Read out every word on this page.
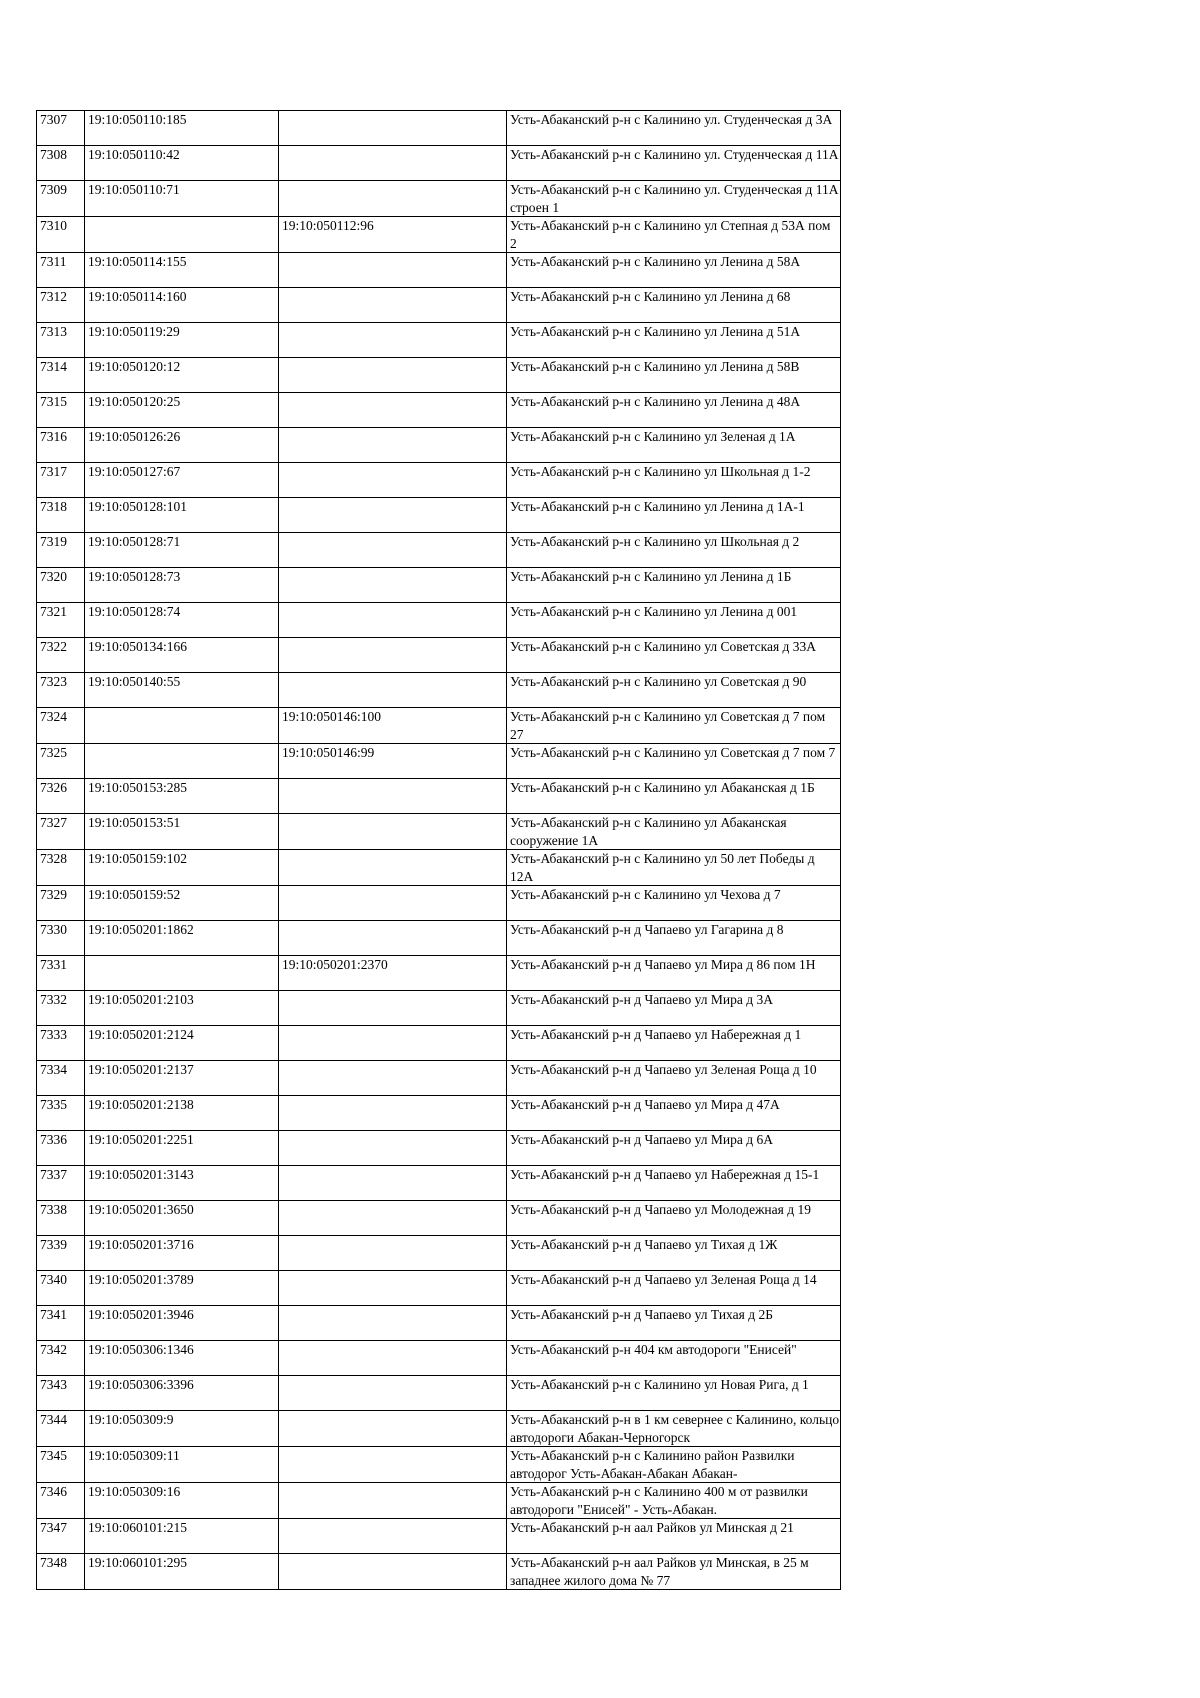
7307	19:10:050110:185		Усть-Абаканский р-н с Калинино ул. Студенческая д 3А

7308	19:10:050110:42		Усть-Абаканский р-н с Калинино ул. Студенческая д 11А

7309	19:10:050110:71		Усть-Абаканский р-н с Калинино ул. Студенческая д 11А строен 1

7310		19:10:050112:96	Усть-Абаканский р-н с Калинино ул Степная д 53А пом 2

7311	19:10:050114:155		Усть-Абаканский р-н с Калинино ул Ленина д 58А

7312	19:10:050114:160		Усть-Абаканский р-н с Калинино ул Ленина д 68

7313	19:10:050119:29		Усть-Абаканский р-н с Калинино ул Ленина д 51А

7314	19:10:050120:12		Усть-Абаканский р-н с Калинино ул Ленина д 58В

7315	19:10:050120:25		Усть-Абаканский р-н с Калинино ул Ленина д 48А

7316	19:10:050126:26		Усть-Абаканский р-н с Калинино ул Зеленая д 1А

7317	19:10:050127:67		Усть-Абаканский р-н с Калинино ул Школьная д 1-2

7318	19:10:050128:101		Усть-Абаканский р-н с Калинино ул Ленина д 1А-1

7319	19:10:050128:71		Усть-Абаканский р-н с Калинино ул Школьная д 2

7320	19:10:050128:73		Усть-Абаканский р-н с Калинино ул Ленина д 1Б

7321	19:10:050128:74		Усть-Абаканский р-н с Калинино ул Ленина д 001

7322	19:10:050134:166		Усть-Абаканский р-н с Калинино ул Советская д 33А

7323	19:10:050140:55		Усть-Абаканский р-н с Калинино ул Советская д 90

7324		19:10:050146:100	Усть-Абаканский р-н с Калинино ул Советская д 7 пом 27

7325		19:10:050146:99	Усть-Абаканский р-н с Калинино ул Советская д 7 пом 7

7326	19:10:050153:285		Усть-Абаканский р-н с Калинино ул Абаканская д 1Б

7327	19:10:050153:51		Усть-Абаканский р-н с Калинино ул Абаканская сооружение 1А

7328	19:10:050159:102		Усть-Абаканский р-н с Калинино ул 50 лет Победы д 12А

7329	19:10:050159:52		Усть-Абаканский р-н с Калинино ул Чехова д 7

7330	19:10:050201:1862		Усть-Абаканский р-н д Чапаево ул Гагарина д 8

7331		19:10:050201:2370	Усть-Абаканский р-н д Чапаево ул Мира д 86 пом 1Н

7332	19:10:050201:2103		Усть-Абаканский р-н д Чапаево ул Мира д 3А

7333	19:10:050201:2124		Усть-Абаканский р-н д Чапаево ул Набережная д 1

7334	19:10:050201:2137		Усть-Абаканский р-н д Чапаево ул Зеленая Роща д 10

7335	19:10:050201:2138		Усть-Абаканский р-н д Чапаево ул Мира д 47А

7336	19:10:050201:2251		Усть-Абаканский р-н д Чапаево ул Мира д 6А

7337	19:10:050201:3143		Усть-Абаканский р-н д Чапаево ул Набережная д 15-1

7338	19:10:050201:3650		Усть-Абаканский р-н д Чапаево ул Молодежная д 19

7339	19:10:050201:3716		Усть-Абаканский р-н д Чапаево ул Тихая д 1Ж

7340	19:10:050201:3789		Усть-Абаканский р-н д Чапаево ул Зеленая Роща д 14

7341	19:10:050201:3946		Усть-Абаканский р-н д Чапаево ул Тихая д 2Б

7342	19:10:050306:1346		Усть-Абаканский р-н 404 км автодороги "Енисей"

7343	19:10:050306:3396		Усть-Абаканский р-н с Калинино ул Новая Рига, д 1

7344	19:10:050309:9		Усть-Абаканский р-н в 1 км севернее с Калинино, кольцо автодороги Абакан-Черногорск

7345	19:10:050309:11		Усть-Абаканский р-н с Калинино район Развилки автодорог Усть-Абакан-Абакан Абакан-

7346	19:10:050309:16		Усть-Абаканский р-н с Калинино 400 м от развилки автодороги "Енисей" - Усть-Абакан.

7347	19:10:060101:215		Усть-Абаканский р-н аал Райков ул Минская д 21

7348	19:10:060101:295		Усть-Абаканский р-н аал Райков ул Минская, в 25 м западнее жилого дома № 77
